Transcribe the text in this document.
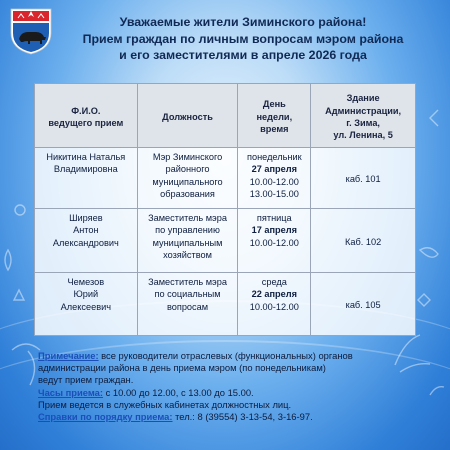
Уважаемые жители Зиминского района!
Прием граждан по личным вопросам мэром района
и его заместителями в апреле 2026 года
Ф.И.О.
ведущего прием	Должность	День
недели,
время	Здание
Администрации,
г. Зима,
ул. Ленина, 5

Никитина Наталья
Владимировна	Мэр Зиминского
районного
муниципального
образования	понедельник
27 апреля
10.00-12.00
13.00-15.00	каб. 101

Ширяев
Антон
Александрович	Заместитель мэра
по управлению
муниципальным
хозяйством	пятница
17 апреля
10.00-12.00	Каб. 102

Чемезов
Юрий
Алексеевич	Заместитель мэра
по социальным
вопросам	среда
22 апреля
10.00-12.00	каб. 105

Примечание: все руководители отраслевых (функциональных) органов

администрации района в день приема мэром (по понедельникам)

ведут прием граждан.

Часы приема: с 10.00 до 12.00, с 13.00 до 15.00.

Прием ведется в служебных кабинетах должностных лиц.

Справки по порядку приема: тел.: 8 (39554) 3-13-54, 3-16-97.
